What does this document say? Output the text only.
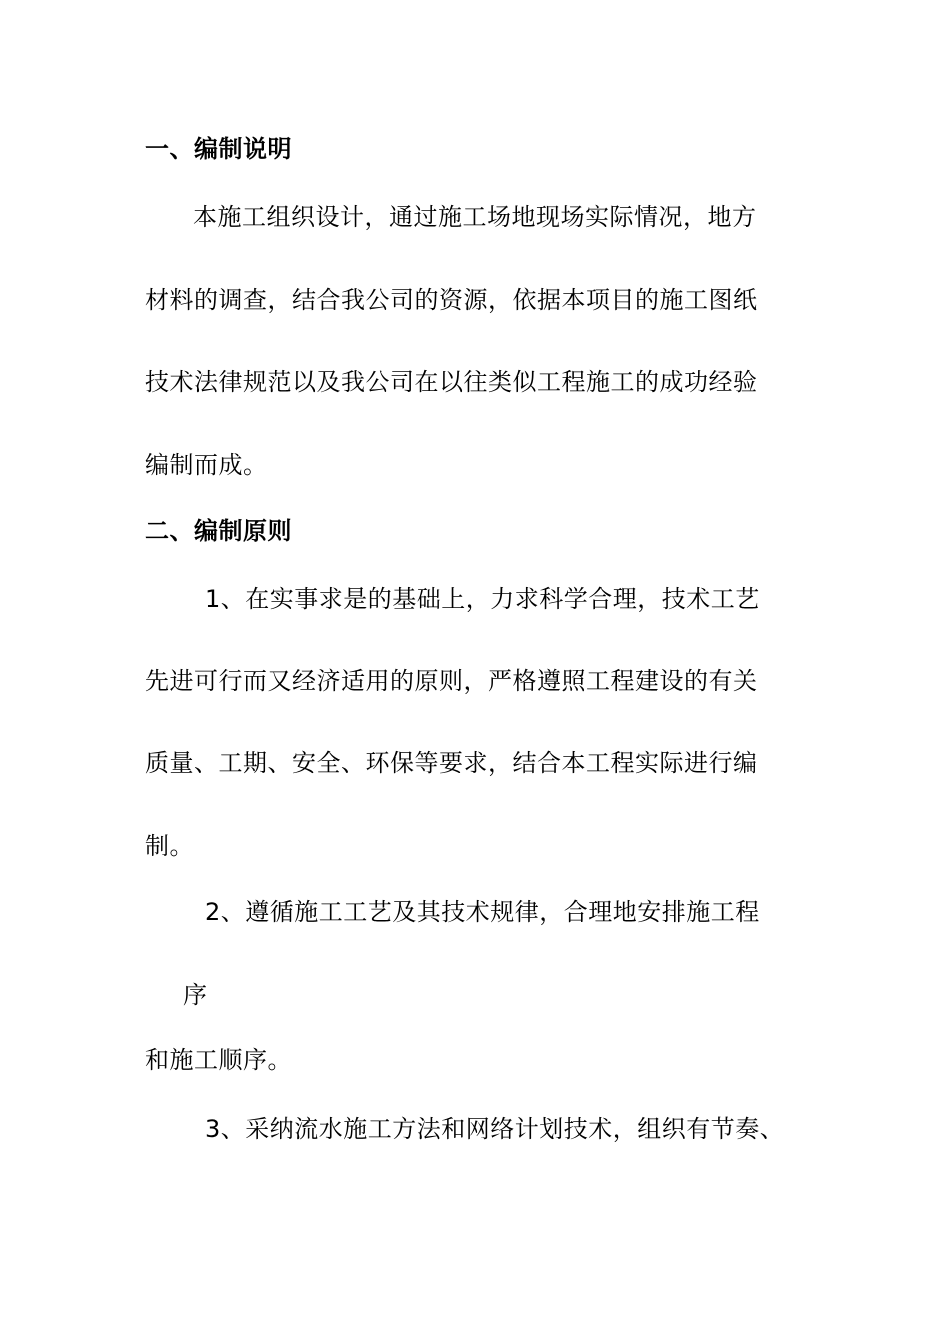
一、编制说明
本施工组织设计，通过施工场地现场实际情况，地方
材料的调查，结合我公司的资源，依据本项目的施工图纸
技术法律规范以及我公司在以往类似工程施工的成功经验
编制而成。
二、编制原则
1、在实事求是的基础上，力求科学合理，技术工艺
先进可行而又经济适用的原则，严格遵照工程建设的有关
质量、工期、安全、环保等要求，结合本工程实际进行编
制。
2、遵循施工工艺及其技术规律，合理地安排施工程
序
和施工顺序。
3、采纳流水施工方法和网络计划技术，组织有节奏、
